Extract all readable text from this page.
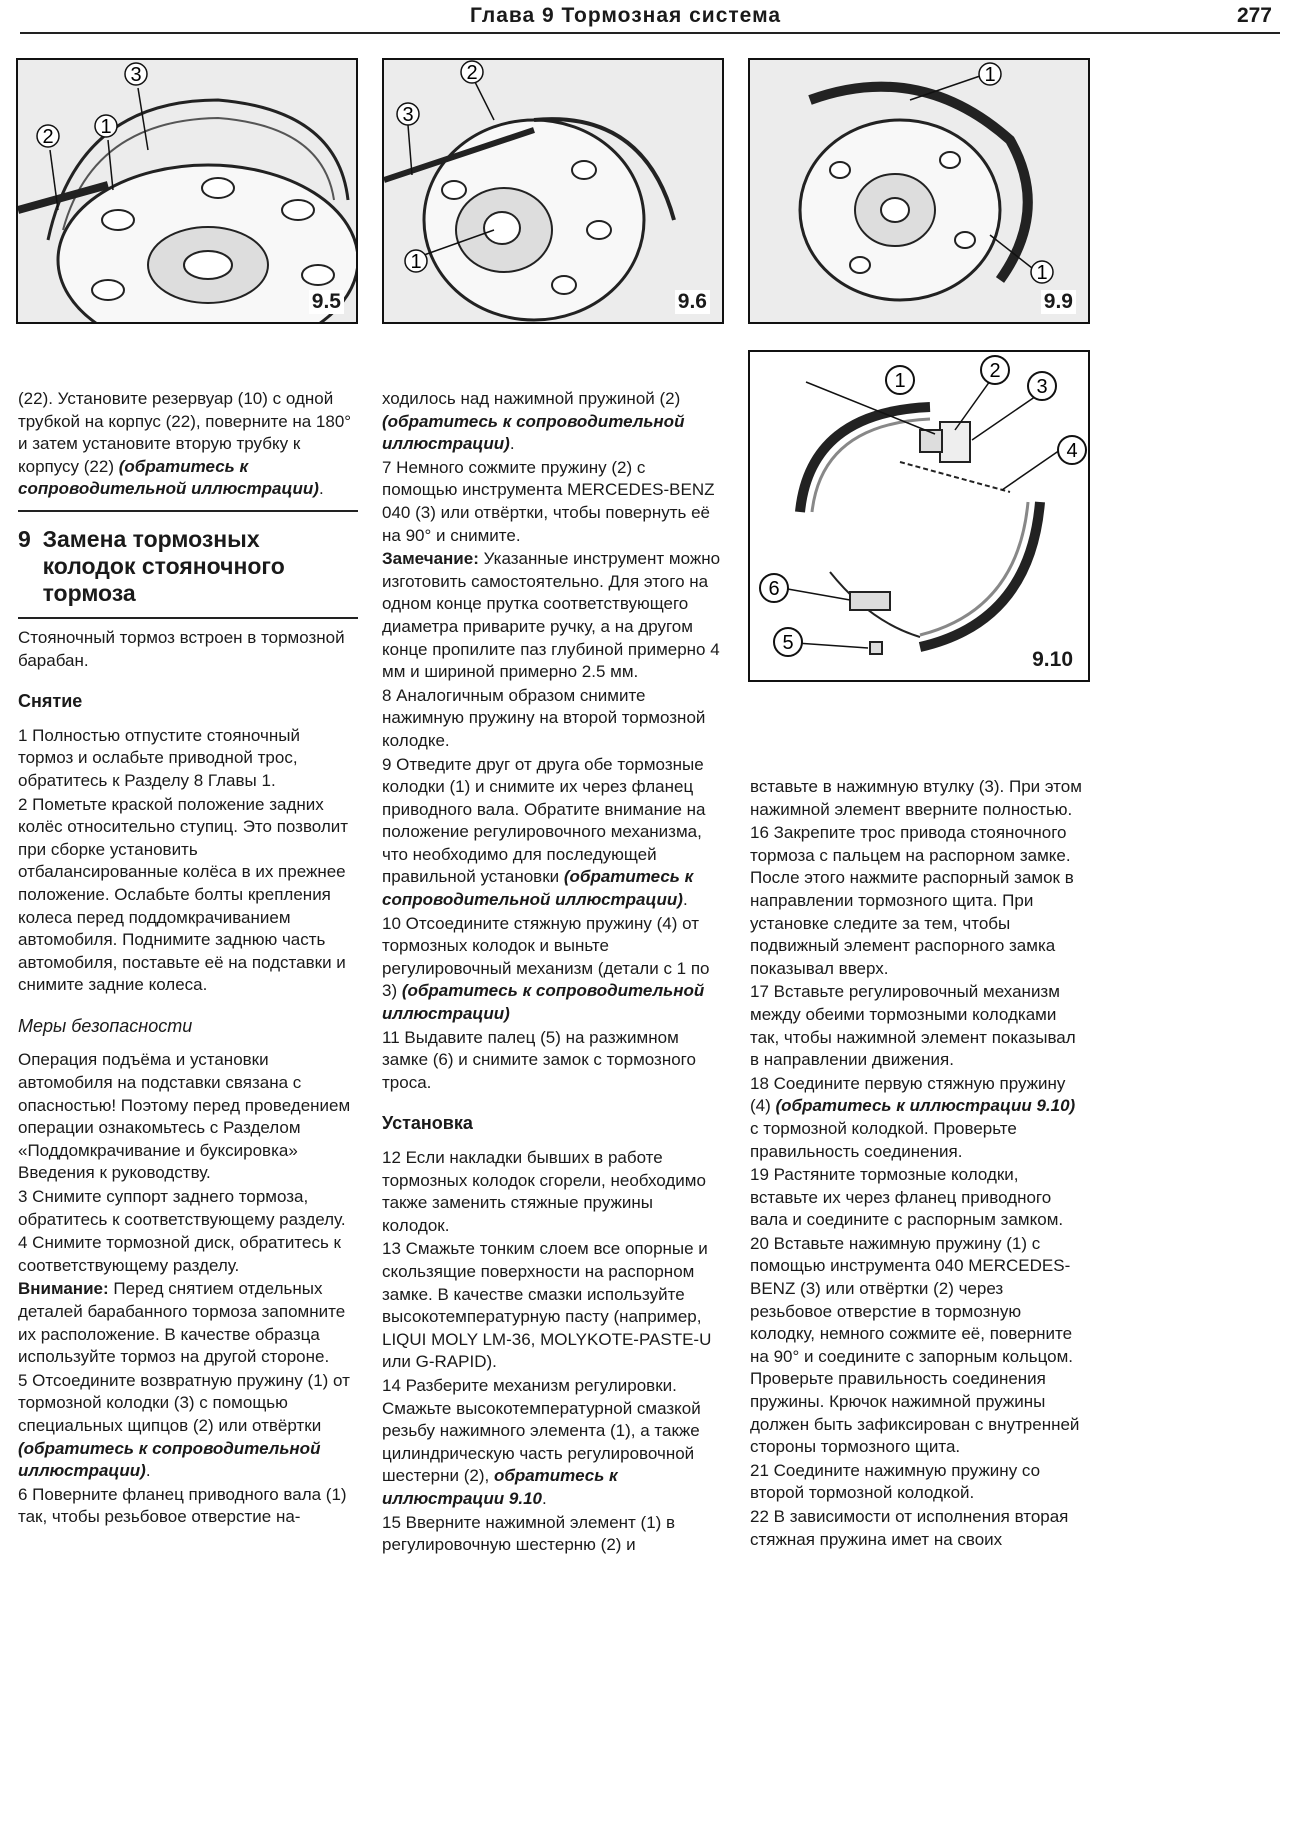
Глава 9 Тормозная система	277
3
2 1
9.5
3
2
1
9.6
1
1
9.9
1	2
3
4
5
6
9.10

(22). Установите резервуар (10) с одной трубкой на корпус (22), поверните на 180° и затем установите вторую трубку к корпусу (22) (обратитесь к сопроводительной иллюстрации).

9 Замена тормозных колодок стояночного тормоза

Стояночный тормоз встроен в тормозной барабан.

Снятие

1 Полностью отпустите стояночный тормоз и ослабьте приводной трос, обратитесь к Разделу 8 Главы 1.

2 Пометьте краской положение задних колёс относительно ступиц. Это позволит при сборке установить отбалансированные колёса в их прежнее положение. Ослабьте болты крепления колеса перед поддомкрачиванием автомобиля. Поднимите заднюю часть автомобиля, поставьте её на подставки и снимите задние колеса.

Меры безопасности

Операция подъёма и установки автомобиля на подставки связана с опасностью! Поэтому перед проведением операции ознакомьтесь с Разделом «Поддомкрачивание и буксировка» Введения к руководству.

3 Снимите суппорт заднего тормоза, обратитесь к соответствующему разделу.

4 Снимите тормозной диск, обратитесь к соответствующему разделу.

Внимание: Перед снятием отдельных деталей барабанного тормоза запомните их расположение. В качестве образца используйте тормоз на другой стороне.

5 Отсоедините возвратную пружину (1) от тормозной колодки (3) с помощью специальных щипцов (2) или отвёртки (обратитесь к сопроводительной иллюстрации).

6 Поверните фланец приводного вала (1) так, чтобы резьбовое отверстие на-

ходилось над нажимной пружиной (2) (обратитесь к сопроводительной иллюстрации).

7 Немного сожмите пружину (2) с помощью инструмента MERCEDES-BENZ 040 (3) или отвёртки, чтобы повернуть её на 90° и снимите.

Замечание: Указанные инструмент можно изготовить самостоятельно. Для этого на одном конце прутка соответствующего диаметра приварите ручку, а на другом конце пропилите паз глубиной примерно 4 мм и шириной примерно 2.5 мм.

8 Аналогичным образом снимите нажимную пружину на второй тормозной колодке.

9 Отведите друг от друга обе тормозные колодки (1) и снимите их через фланец приводного вала. Обратите внимание на положение регулировочного механизма, что необходимо для последующей правильной установки (обратитесь к сопроводительной иллюстрации).

10 Отсоедините стяжную пружину (4) от тормозных колодок и выньте регулировочный механизм (детали с 1 по 3) (обратитесь к сопроводительной иллюстрации)

11 Выдавите палец (5) на разжимном замке (6) и снимите замок с тормозного троса.

Установка

12 Если накладки бывших в работе тормозных колодок сгорели, необходимо также заменить стяжные пружины колодок.

13 Смажьте тонким слоем все опорные и скользящие поверхности на распорном замке. В качестве смазки используйте высокотемпературную пасту (например, LIQUI MOLY LM-36, MOLYKOTE-PASTE-U или G-RAPID).

14 Разберите механизм регулировки. Смажьте высокотемпературной смазкой резьбу нажимного элемента (1), а также цилиндрическую часть регулировочной шестерни (2), обратитесь к иллюстрации 9.10.

15 Вверните нажимной элемент (1) в регулировочную шестерню (2) и

вставьте в нажимную втулку (3). При этом нажимной элемент вверните полностью.

16 Закрепите трос привода стояночного тормоза с пальцем на распорном замке. После этого нажмите распорный замок в направлении тормозного щита. При установке следите за тем, чтобы подвижный элемент распорного замка показывал вверх.

17 Вставьте регулировочный механизм между обеими тормозными колодками так, чтобы нажимной элемент показывал в направлении движения.

18 Соедините первую стяжную пружину (4) (обратитесь к иллюстрации 9.10) с тормозной колодкой. Проверьте правильность соединения.

19 Растяните тормозные колодки, вставьте их через фланец приводного вала и соедините с распорным замком.

20 Вставьте нажимную пружину (1) с помощью инструмента 040 MERCEDES-BENZ (3) или отвёртки (2) через резьбовое отверстие в тормозную колодку, немного сожмите её, поверните на 90° и соедините с запорным кольцом. Проверьте правильность соединения пружины. Крючок нажимной пружины должен быть зафиксирован с внутренней стороны тормозного щита.

21 Соедините нажимную пружину со второй тормозной колодкой.

22 В зависимости от исполнения вторая стяжная пружина имет на своих
